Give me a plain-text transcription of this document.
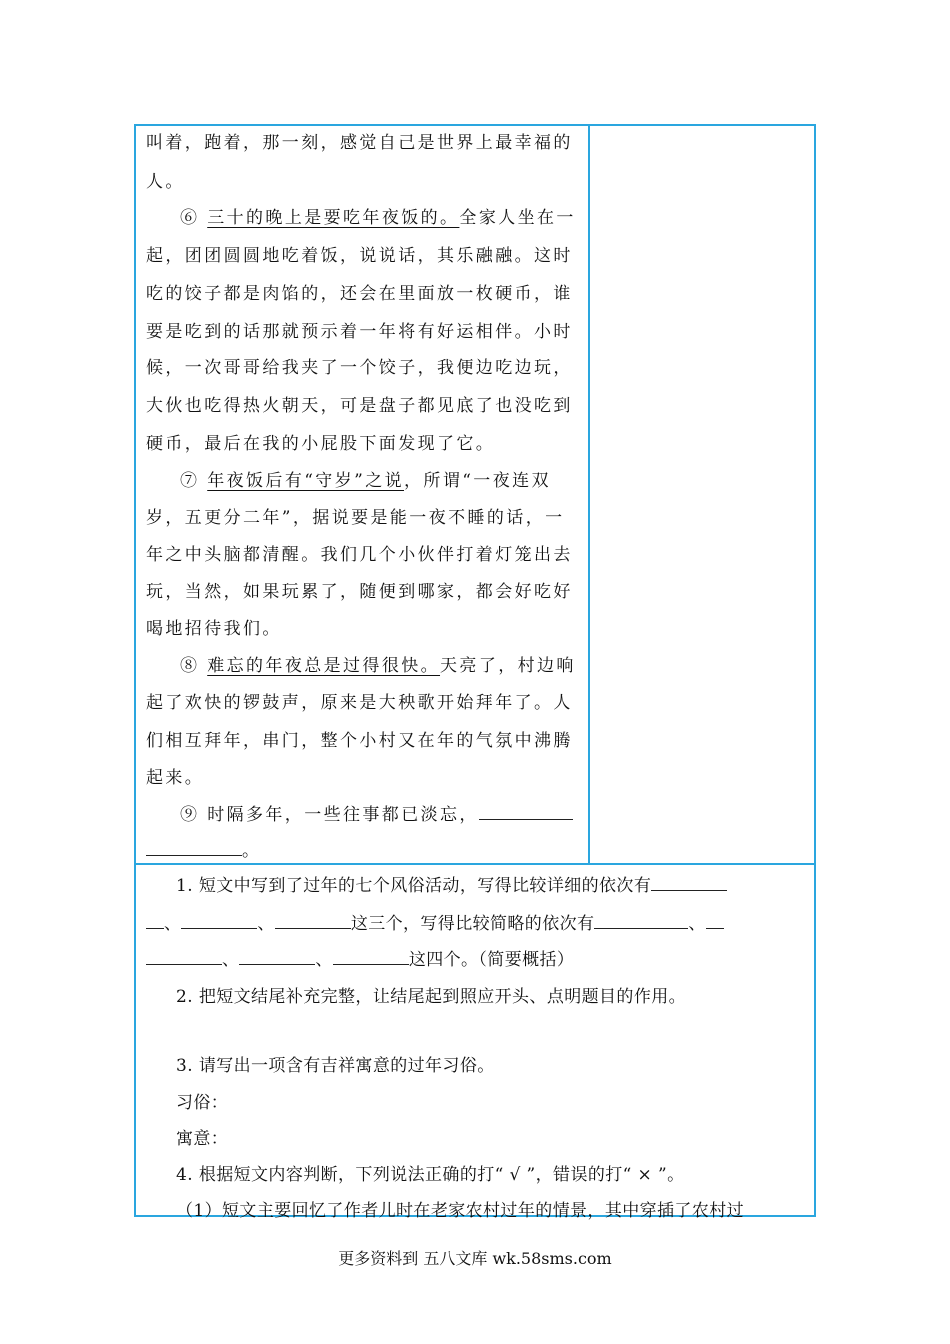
叫着，跑着，那一刻，感觉自己是世界上最幸福的
人。
⑥ 三十的晚上是要吃年夜饭的。全家人坐在一
起，团团圆圆地吃着饭，说说话，其乐融融。这时
吃的饺子都是肉馅的，还会在里面放一枚硬币，谁
要是吃到的话那就预示着一年将有好运相伴。小时
候，一次哥哥给我夹了一个饺子，我便边吃边玩，
大伙也吃得热火朝天，可是盘子都见底了也没吃到
硬币，最后在我的小屁股下面发现了它。
⑦ 年夜饭后有“守岁”之说，所谓“一夜连双
岁，五更分二年”，据说要是能一夜不睡的话，一
年之中头脑都清醒。我们几个小伙伴打着灯笼出去
玩，当然，如果玩累了，随便到哪家，都会好吃好
喝地招待我们。
⑧ 难忘的年夜总是过得很快。天亮了，村边响
起了欢快的锣鼓声，原来是大秧歌开始拜年了。人
们相互拜年，串门，整个小村又在年的气氛中沸腾
起来。
⑨ 时隔多年，一些往事都已淡忘，
。
1. 短文中写到了过年的七个风俗活动，写得比较详细的依次有
、	、	这三个，写得比较简略的依次有	、
、	、	这四个。（简要概括）
2. 把短文结尾补充完整，让结尾起到照应开头、点明题目的作用。
3. 请写出一项含有吉祥寓意的过年习俗。
习俗：
寓意：
4. 根据短文内容判断，下列说法正确的打“ √ ”，错误的打“ × ”。
（1）短文主要回忆了作者儿时在老家农村过年的情景，其中穿插了农村过
更多资料到 五八文库 wk.58sms.com
